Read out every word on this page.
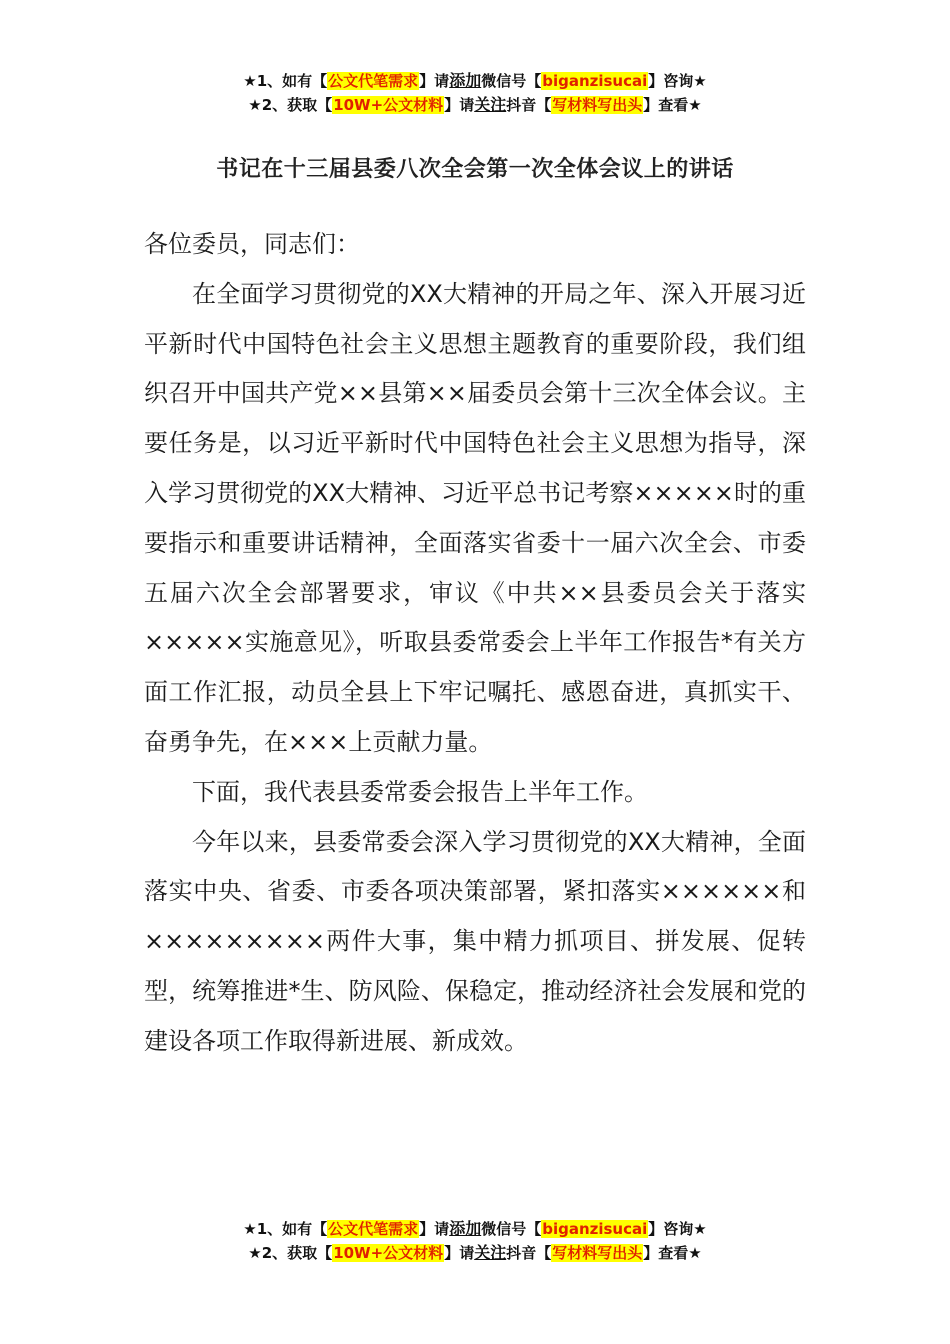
★1、如有【公文代笔需求】请添加微信号【biganzisucai】咨询★
★2、获取【10W+公文材料】请关注抖音【写材料写出头】查看★
书记在十三届县委八次全会第一次全体会议上的讲话

各位委员，同志们：

在全面学习贯彻党的XX大精神的开局之年、深入开展习近平新时代中国特色社会主义思想主题教育的重要阶段，我们组织召开中国共产党××县第××届委员会第十三次全体会议。主要任务是，以习近平新时代中国特色社会主义思想为指导，深入学习贯彻党的XX大精神、习近平总书记考察×××××时的重要指示和重要讲话精神，全面落实省委十一届六次全会、市委五届六次全会部署要求，审议《中共××县委员会关于落实×××××实施意见》，听取县委常委会上半年工作报告*有关方面工作汇报，动员全县上下牢记嘱托、感恩奋进，真抓实干、奋勇争先，在×××上贡献力量。

下面，我代表县委常委会报告上半年工作。

今年以来，县委常委会深入学习贯彻党的XX大精神，全面落实中央、省委、市委各项决策部署，紧扣落实××××××和×××××××××两件大事，集中精力抓项目、拼发展、促转型，统筹推进*生、防风险、保稳定，推动经济社会发展和党的建设各项工作取得新进展、新成效。

★1、如有【公文代笔需求】请添加微信号【biganzisucai】咨询★
★2、获取【10W+公文材料】请关注抖音【写材料写出头】查看★
